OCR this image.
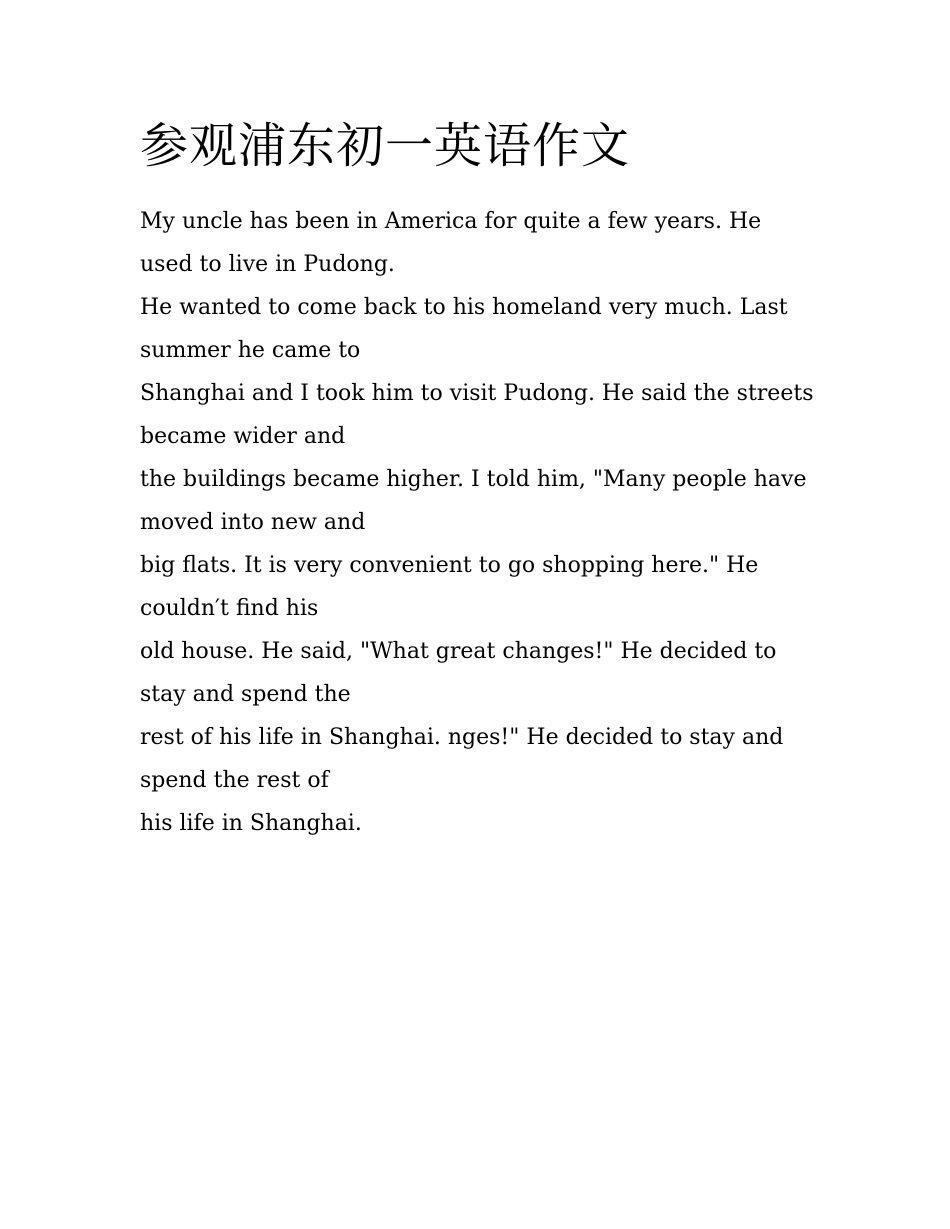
参观浦东初一英语作文

My uncle has been in America for quite a few years. He used to live in Pudong.

He wanted to come back to his homeland very much. Last summer he came to

Shanghai and I took him to visit Pudong. He said the streets became wider and

the buildings became higher. I told him, "Many people have moved into new and

big flats. It is very convenient to go shopping here." He couldn′t find his

old house. He said, "What great changes!" He decided to stay and spend the

rest of his life in Shanghai. nges!" He decided to stay and spend the rest of

his life in Shanghai.
